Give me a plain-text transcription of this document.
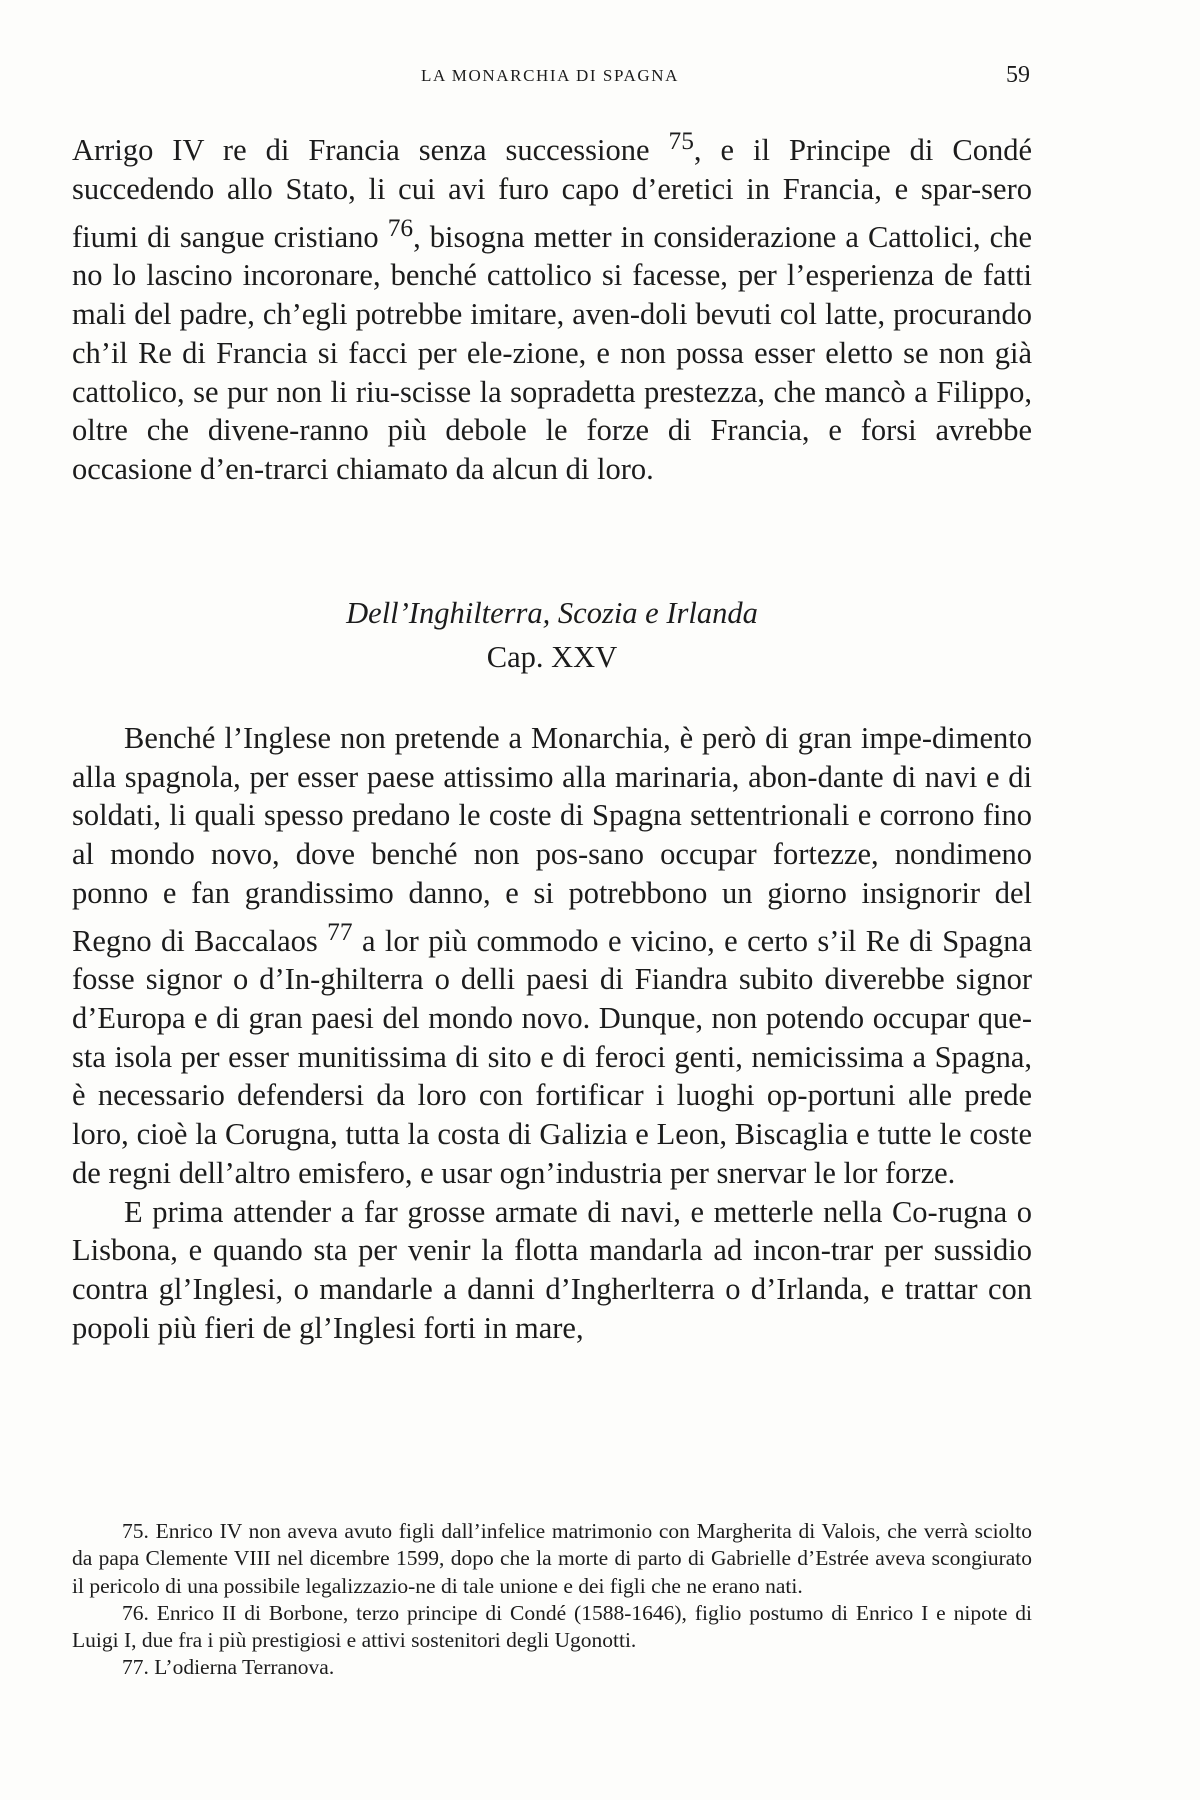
LA MONARCHIA DI SPAGNA	59

Arrigo IV re di Francia senza successione $^{75}$, e il Principe di Condé succedendo allo Stato, li cui avi furo capo d’eretici in Francia, e spar-sero fiumi di sangue cristiano $^{76}$, bisogna metter in considerazione a Cattolici, che no lo lascino incoronare, benché cattolico si facesse, per l’esperienza de fatti mali del padre, ch’egli potrebbe imitare, aven-doli bevuti col latte, procurando ch’il Re di Francia si facci per ele-zione, e non possa esser eletto se non già cattolico, se pur non li riu-scisse la sopradetta prestezza, che mancò a Filippo, oltre che divene-ranno più debole le forze di Francia, e forsi avrebbe occasione d’en-trarci chiamato da alcun di loro.

Dell’Inghilterra, Scozia e Irlanda
Cap. XXV

Benché l’Inglese non pretende a Monarchia, è però di gran impe-dimento alla spagnola, per esser paese attissimo alla marinaria, abon-dante di navi e di soldati, li quali spesso predano le coste di Spagna settentrionali e corrono fino al mondo novo, dove benché non pos-sano occupar fortezze, nondimeno ponno e fan grandissimo danno, e si potrebbono un giorno insignorir del Regno di Baccalaos $^{77}$ a lor più commodo e vicino, e certo s’il Re di Spagna fosse signor o d’In-ghilterra o delli paesi di Fiandra subito diverebbe signor d’Europa e di gran paesi del mondo novo. Dunque, non potendo occupar que-sta isola per esser munitissima di sito e di feroci genti, nemicissima a Spagna, è necessario defendersi da loro con fortificar i luoghi op-portuni alle prede loro, cioè la Corugna, tutta la costa di Galizia e Leon, Biscaglia e tutte le coste de regni dell’altro emisfero, e usar ogn’industria per snervar le lor forze.

E prima attender a far grosse armate di navi, e metterle nella Co-rugna o Lisbona, e quando sta per venir la flotta mandarla ad incon-trar per sussidio contra gl’Inglesi, o mandarle a danni d’Ingherlterra o d’Irlanda, e trattar con popoli più fieri de gl’Inglesi forti in mare,

75. Enrico IV non aveva avuto figli dall’infelice matrimonio con Margherita di Valois, che verrà sciolto da papa Clemente VIII nel dicembre 1599, dopo che la morte di parto di Gabrielle d’Estrée aveva scongiurato il pericolo di una possibile legalizzazio-ne di tale unione e dei figli che ne erano nati.

76. Enrico II di Borbone, terzo principe di Condé (1588-1646), figlio postumo di Enrico I e nipote di Luigi I, due fra i più prestigiosi e attivi sostenitori degli Ugonotti.

77. L’odierna Terranova.
